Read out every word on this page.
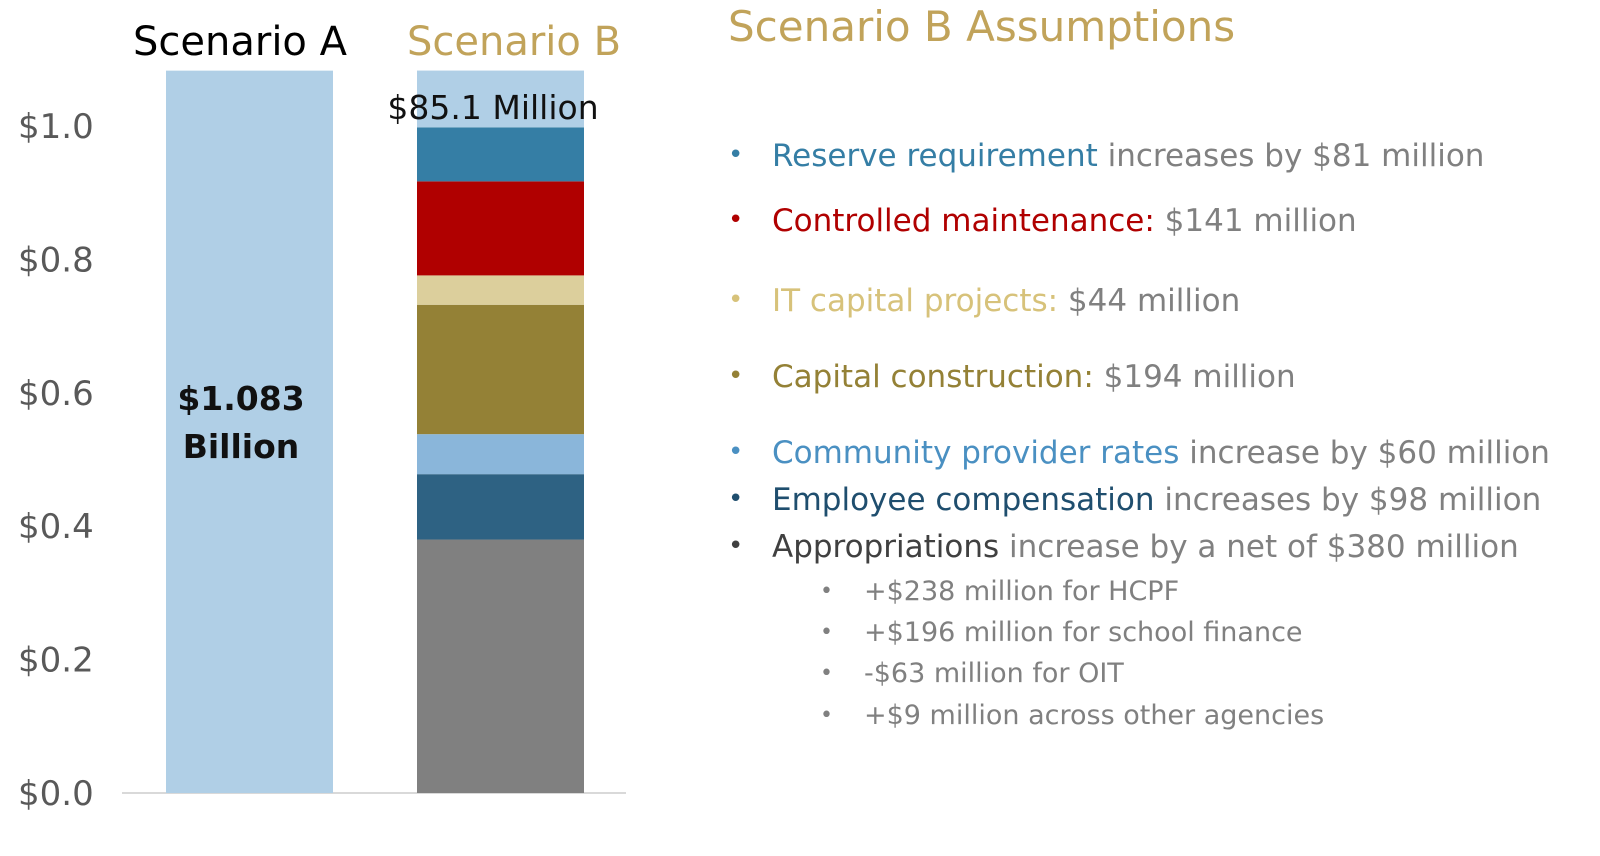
$0.0
$0.2
$0.4
$0.6
$0.8
$1.0
Scenario A Scenario B
$1.083
Billion
$85.1 Million
Scenario B Assumptions
• Reserve requirement increases by $81 million
• Controlled maintenance: $141 million
• IT capital projects: $44 million
• Capital construction: $194 million
• Community provider rates increase by $60 million
• Employee compensation increases by $98 million
• Appropriations increase by a net of $380 million
• +$238 million for HCPF
• +$196 million for school finance
• -$63 million for OIT
• +$9 million across other agencies
